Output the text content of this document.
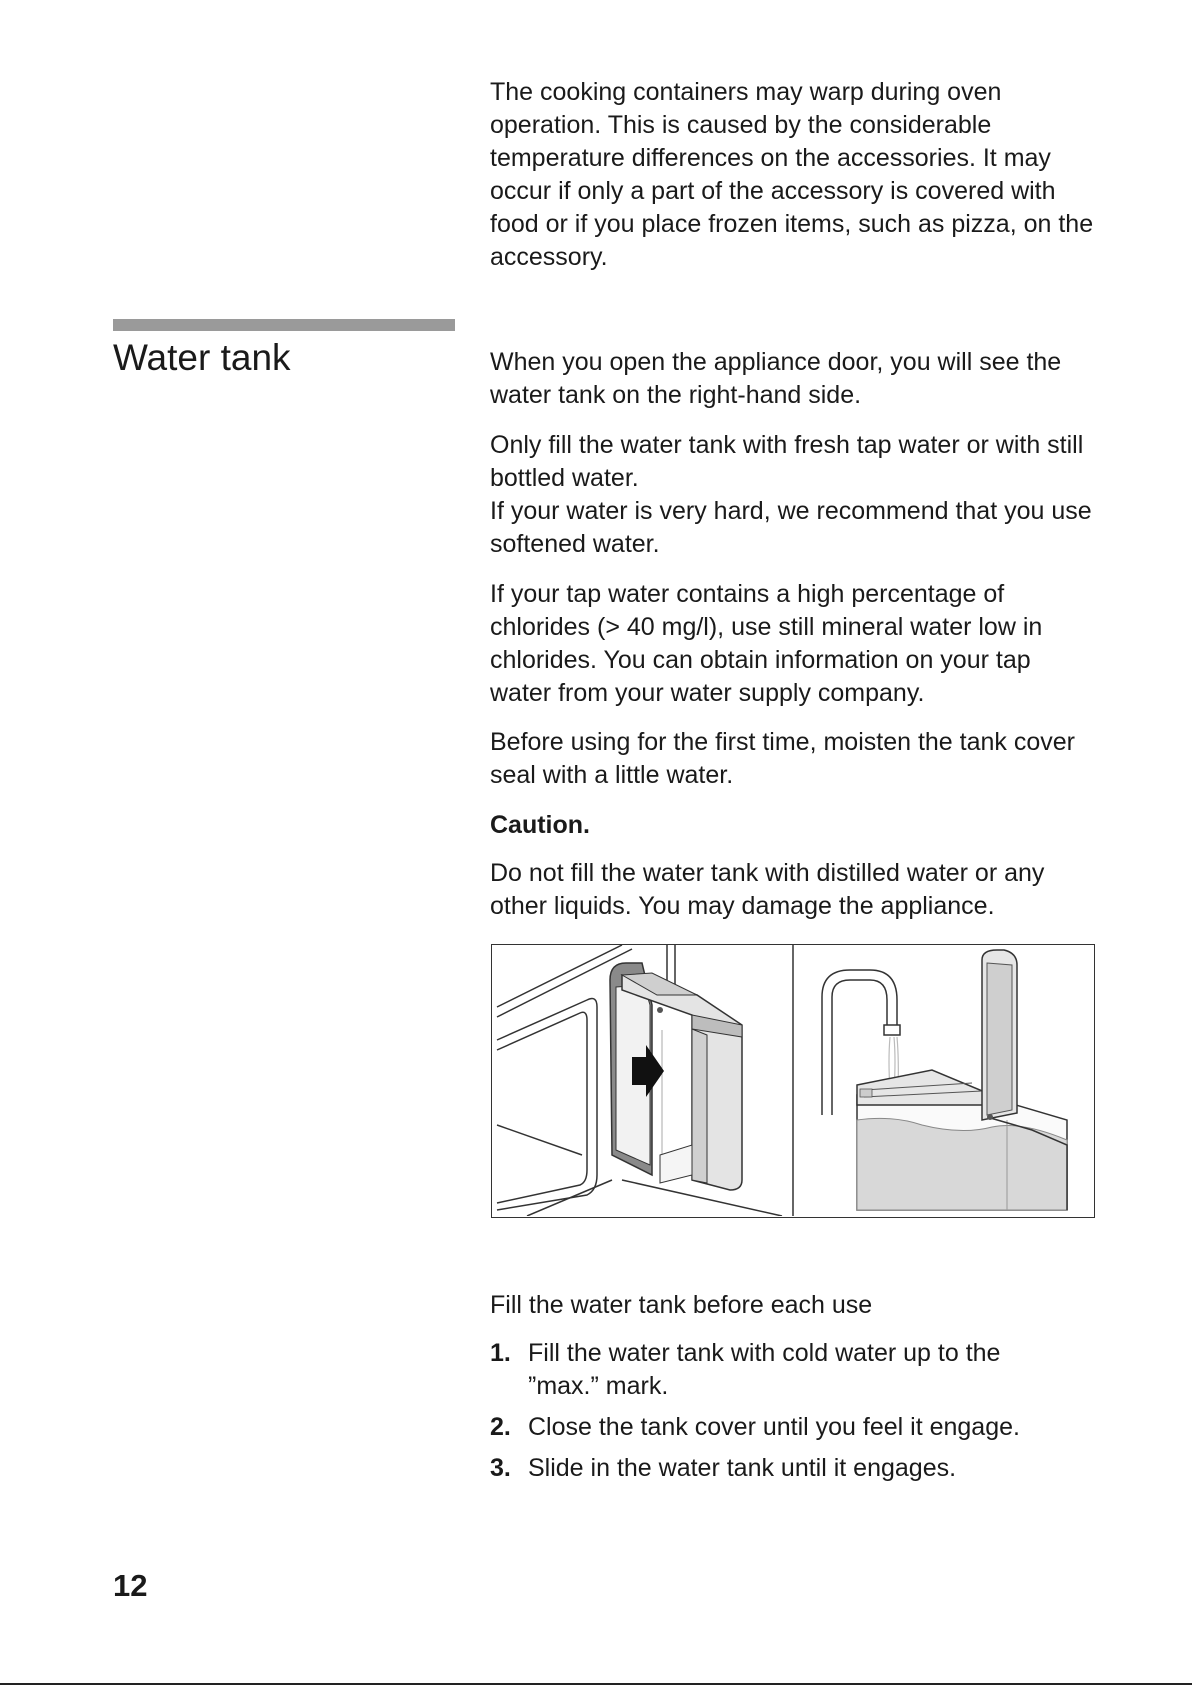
The cooking containers may warp during oven
operation. This is caused by the considerable
temperature differences on the accessories. It may
occur if only a part of the accessory is covered with
food or if you place frozen items, such as pizza, on the
accessory.

Water tank	When you open the appliance door, you will see the
water tank on the right-hand side.

Only fill the water tank with fresh tap water or with still
bottled water.
If your water is very hard, we recommend that you use
softened water.

If your tap water contains a high percentage of
chlorides (> 40 mg/l), use still mineral water low in
chlorides. You can obtain information on your tap
water from your water supply company.

Before using for the first time, moisten the tank cover
seal with a little water.

Caution.

Do not fill the water tank with distilled water or any
other liquids. You may damage the appliance.

Fill the water tank before each use
1. Fill the water tank with cold water up to the
”max.” mark.
2. Close the tank cover until you feel it engage.
3. Slide in the water tank until it engages.
12
